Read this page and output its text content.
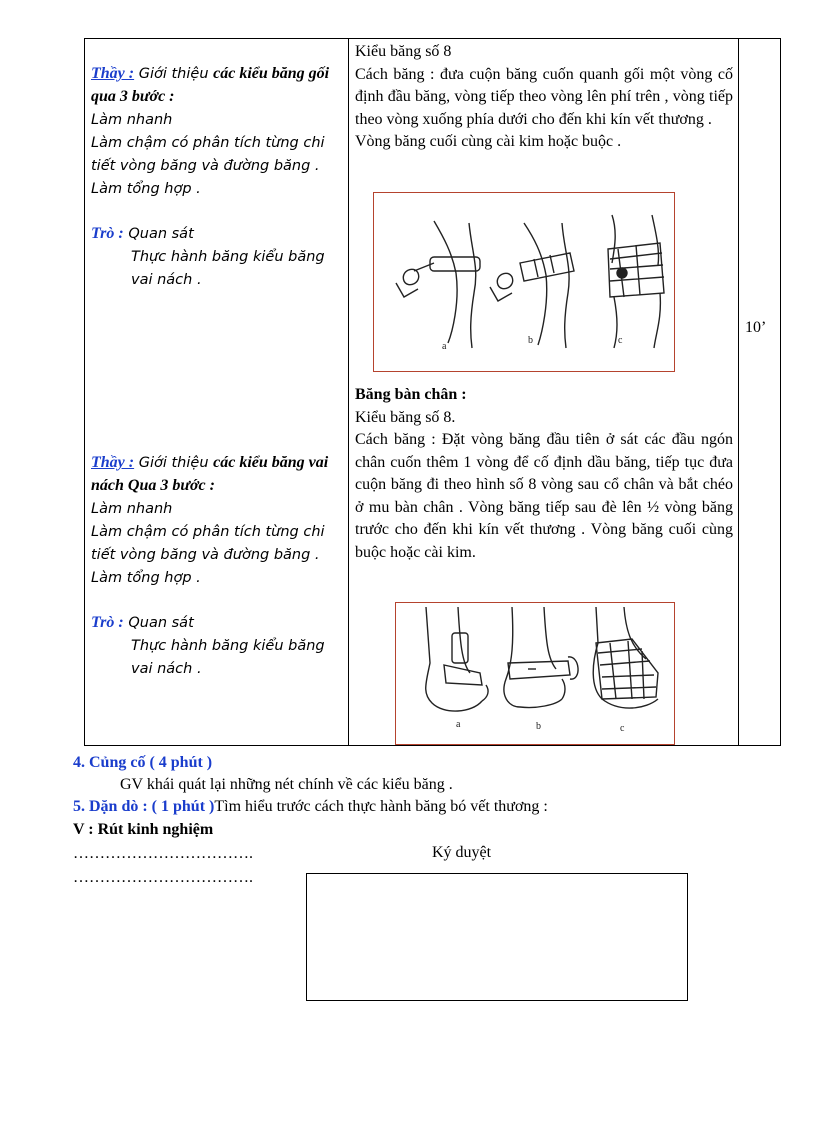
Thầy : Giới thiệu các kiểu băng gối qua 3 bước :
Làm nhanh
Làm chậm có phân tích từng chi tiết vòng băng và đường băng .
Làm tổng hợp .
Trò : Quan sát
Thực hành băng kiểu băng vai nách .
Thầy : Giới thiệu các kiểu băng vai nách Qua 3 bước :
Làm nhanh
Làm chậm có phân tích từng chi tiết vòng băng và đường băng .
Làm tổng hợp .
Trò : Quan sát
Thực hành băng kiểu băng vai nách .
Kiểu băng số 8
Cách băng : đưa cuộn băng cuốn quanh gối một vòng cố định đầu băng, vòng tiếp theo vòng lên phí trên , vòng tiếp theo vòng xuống phía dưới cho đến khi kín vết thương .
Vòng băng cuối cùng cài kim hoặc buộc .
a
b	c
Băng bàn chân :
Kiểu băng số 8.
Cách băng : Đặt vòng băng đầu tiên ở sát các đầu ngón chân cuốn thêm 1 vòng để cố định dầu băng, tiếp tục đưa cuộn băng đi theo hình số 8 vòng sau cổ chân và bắt chéo ở mu bàn chân . Vòng băng tiếp sau đè lên ½ vòng băng trước cho đến khi kín vết thương . Vòng băng cuối cùng buộc hoặc cài kim.
a	b	c
10’
4. Củng cố ( 4 phút )
GV khái quát lại những nét chính về các kiểu băng .
5. Dặn dò : ( 1 phút )Tìm hiểu trước cách thực hành băng bó vết thương :
V : Rút kinh nghiệm
…………………………….	Ký duyệt
…………………………….
